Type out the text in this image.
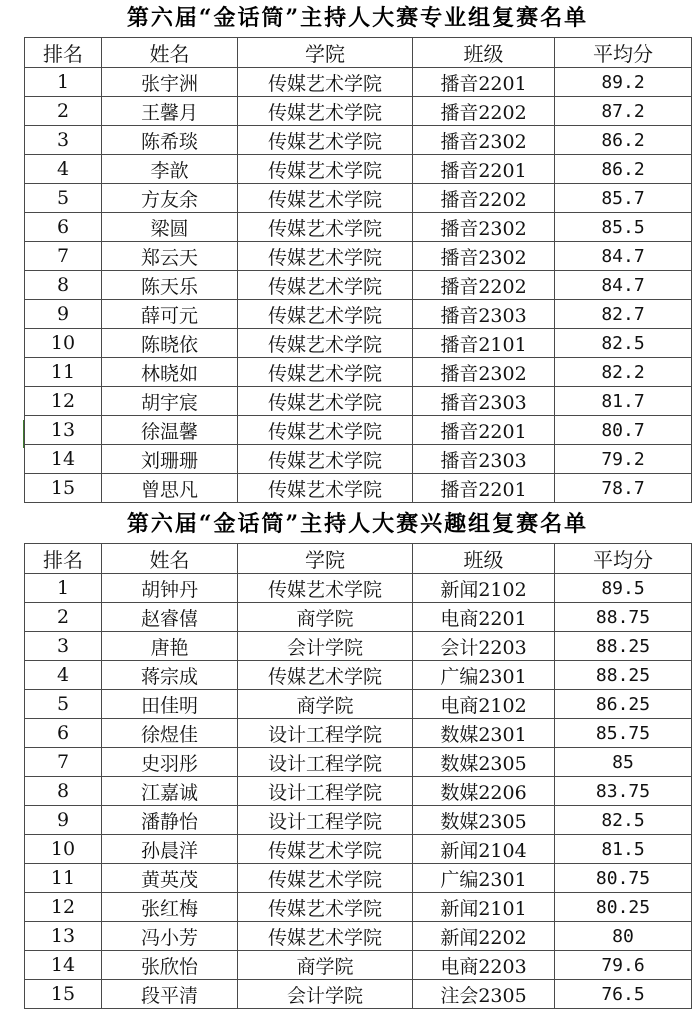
第六届“金话筒”主持人大赛专业组复赛名单
排名	姓名	学院	班级	平均分
1	张宇洲	传媒艺术学院	播音2201	89.2
2	王馨月	传媒艺术学院	播音2202	87.2
3	陈希琰	传媒艺术学院	播音2302	86.2
4	李歆	传媒艺术学院	播音2201	86.2
5	方友余	传媒艺术学院	播音2202	85.7
6	梁圆	传媒艺术学院	播音2302	85.5
7	郑云天	传媒艺术学院	播音2302	84.7
8	陈天乐	传媒艺术学院	播音2202	84.7
9	薛可元	传媒艺术学院	播音2303	82.7
10	陈晓依	传媒艺术学院	播音2101	82.5
11	林晓如	传媒艺术学院	播音2302	82.2
12	胡宇宸	传媒艺术学院	播音2303	81.7
13	徐温馨	传媒艺术学院	播音2201	80.7
14	刘珊珊	传媒艺术学院	播音2303	79.2
15	曾思凡	传媒艺术学院	播音2201	78.7
第六届“金话筒”主持人大赛兴趣组复赛名单
排名	姓名	学院	班级	平均分
1	胡钟丹	传媒艺术学院	新闻2102	89.5
2	赵睿僖	商学院	电商2201	88.75
3	唐艳	会计学院	会计2203	88.25
4	蒋宗成	传媒艺术学院	广编2301	88.25
5	田佳明	商学院	电商2102	86.25
6	徐煜佳	设计工程学院	数媒2301	85.75
7	史羽彤	设计工程学院	数媒2305	85
8	江嘉诚	设计工程学院	数媒2206	83.75
9	潘静怡	设计工程学院	数媒2305	82.5
10	孙晨洋	传媒艺术学院	新闻2104	81.5
11	黄英茂	传媒艺术学院	广编2301	80.75
12	张红梅	传媒艺术学院	新闻2101	80.25
13	冯小芳	传媒艺术学院	新闻2202	80
14	张欣怡	商学院	电商2203	79.6
15	段平清	会计学院	注会2305	76.5
